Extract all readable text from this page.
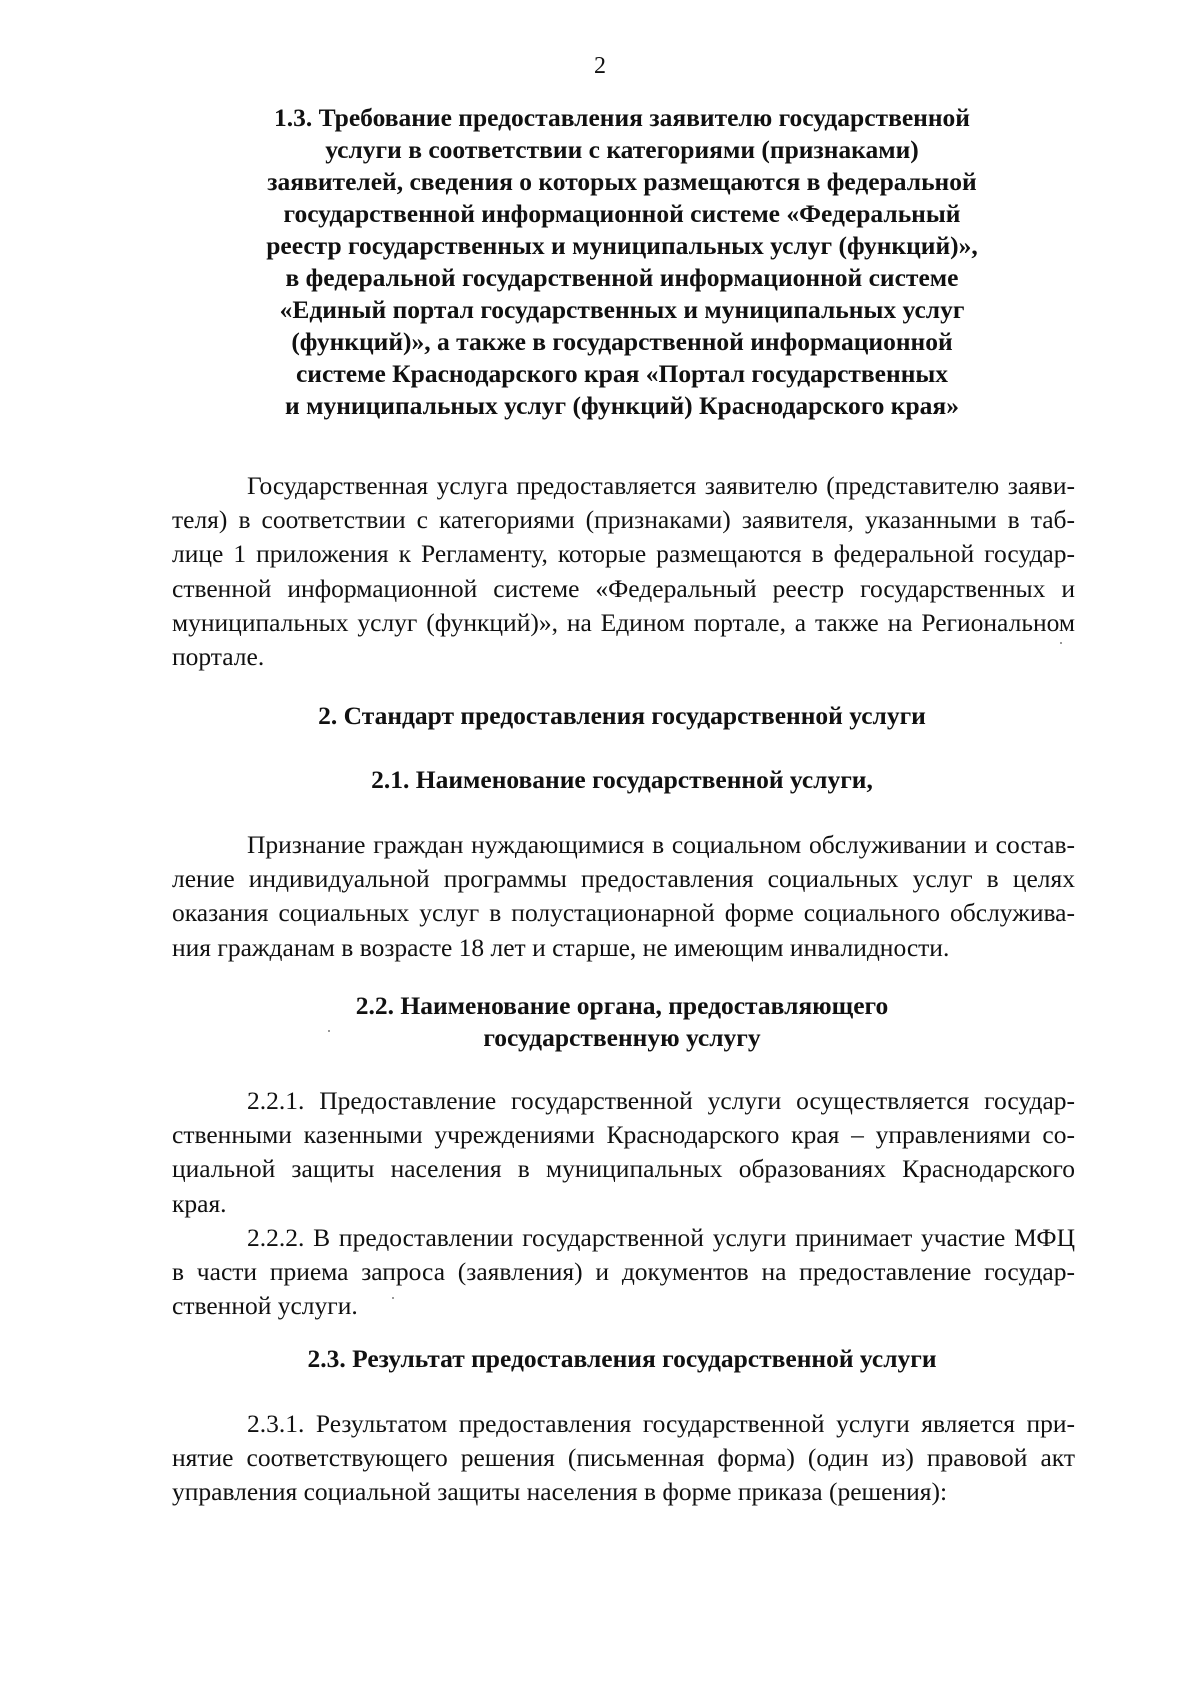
2
1.3. Требование предоставления заявителю государственной
услуги в соответствии с категориями (признаками)
заявителей, сведения о которых размещаются в федеральной
государственной информационной системе «Федеральный
реестр государственных и муниципальных услуг (функций)»,
в федеральной государственной информационной системе
«Единый портал государственных и муниципальных услуг
(функций)», а также в государственной информационной
системе Краснодарского края «Портал государственных
и муниципальных услуг (функций) Краснодарского края»
Государственная услуга предоставляется заявителю (представителю заяви-
теля) в соответствии с категориями (признаками) заявителя, указанными в таб-
лице 1 приложения к Регламенту, которые размещаются в федеральной государ-
ственной информационной системе «Федеральный реестр государственных и
муниципальных услуг (функций)», на Едином портале, а также на Региональном
портале.
2. Стандарт предоставления государственной услуги
2.1. Наименование государственной услуги,
Признание граждан нуждающимися в социальном обслуживании и состав-
ление индивидуальной программы предоставления социальных услуг в целях
оказания социальных услуг в полустационарной форме социального обслужива-
ния гражданам в возрасте 18 лет и старше, не имеющим инвалидности.
2.2. Наименование органа, предоставляющего
государственную услугу
2.2.1. Предоставление государственной услуги осуществляется государ-
ственными казенными учреждениями Краснодарского края – управлениями со-
циальной защиты населения в муниципальных образованиях Краснодарского
края.
2.2.2. В предоставлении государственной услуги принимает участие МФЦ
в части приема запроса (заявления) и документов на предоставление государ-
ственной услуги.
2.3. Результат предоставления государственной услуги
2.3.1. Результатом предоставления государственной услуги является при-
нятие соответствующего решения (письменная форма) (один из) правовой акт
управления социальной защиты населения в форме приказа (решения):
